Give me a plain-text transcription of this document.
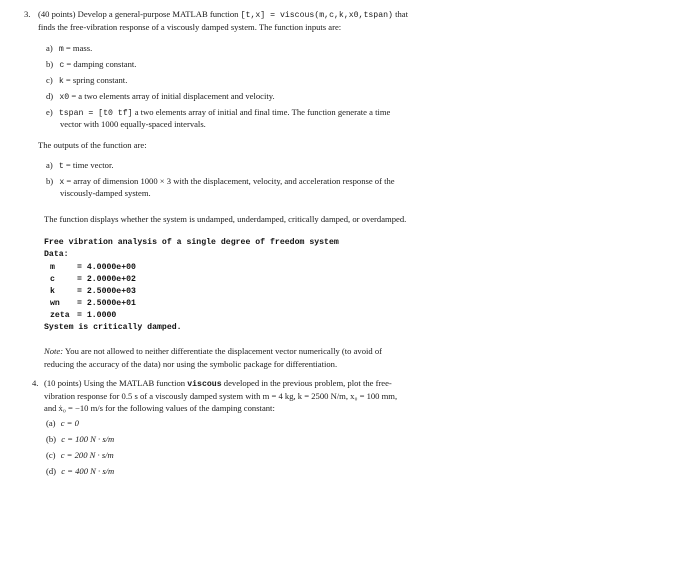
3. (40 points) Develop a general-purpose MATLAB function [t,x] = viscous(m,c,k,x0,tspan) that
finds the free-vibration response of a viscously damped system. The function inputs are:
a) m = mass.
b) c = damping constant.
c) k = spring constant.
d) x0 = a two elements array of initial displacement and velocity.
e) tspan = [t0 tf] a two elements array of initial and final time. The function generate a time
vector with 1000 equally-spaced intervals.
The outputs of the function are:
a) t = time vector.
b) x = array of dimension 1000 × 3 with the displacement, velocity, and acceleration response of the
viscously-damped system.
The function displays whether the system is undamped, underdamped, critically damped, or overdamped.
Free vibration analysis of a single degree of freedom system
Data:
m	= 4.0000e+00
c	= 2.0000e+02
k	= 2.5000e+03
wn = 2.5000e+01
zeta = 1.0000
System is critically damped.
Note: You are not allowed to neither differentiate the displacement vector numerically (to avoid of
reducing the accuracy of the data) nor using the symbolic package for differentiation.
4. (10 points) Using the MATLAB function viscous developed in the previous problem, plot the free-
vibration response for 0.5 s of a viscously damped system with m = 4 kg, k = 2500 N/m, x₀ = 100 mm,
and ẋ₀ = −10 m/s for the following values of the damping constant:
(a) c = 0
(b) c = 100 N · s/m
(c) c = 200 N · s/m
(d) c = 400 N · s/m
